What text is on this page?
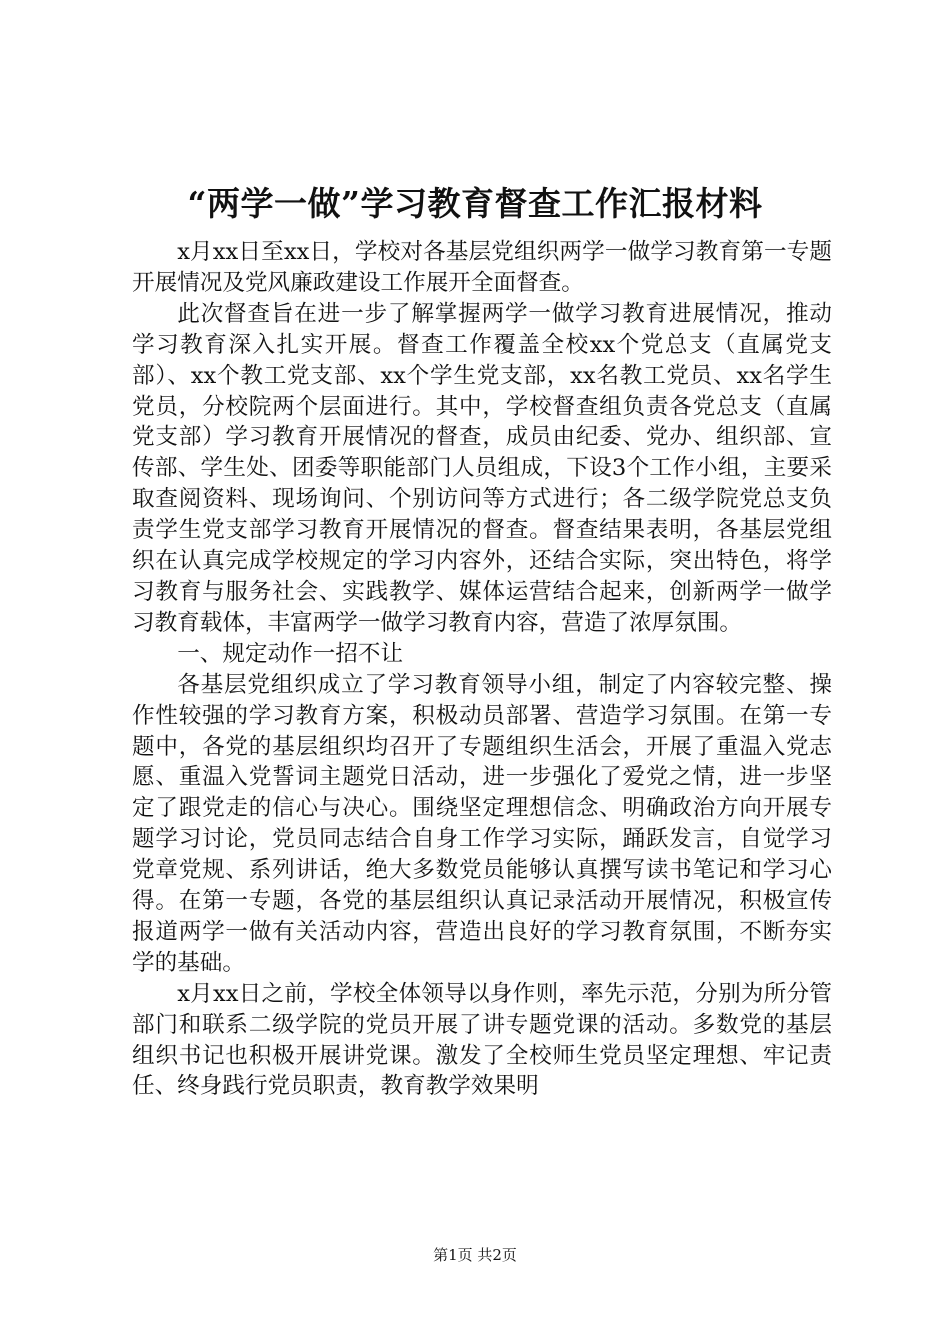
“两学一做”学习教育督查工作汇报材料

x月xx日至xx日，学校对各基层党组织两学一做学习教育第一专题开展情况及党风廉政建设工作展开全面督查。

此次督查旨在进一步了解掌握两学一做学习教育进展情况，推动学习教育深入扎实开展。督查工作覆盖全校xx个党总支（直属党支部）、xx个教工党支部、xx个学生党支部，xx名教工党员、xx名学生党员，分校院两个层面进行。其中，学校督查组负责各党总支（直属党支部）学习教育开展情况的督查，成员由纪委、党办、组织部、宣传部、学生处、团委等职能部门人员组成，下设3个工作小组，主要采取查阅资料、现场询问、个别访问等方式进行；各二级学院党总支负责学生党支部学习教育开展情况的督查。督查结果表明，各基层党组织在认真完成学校规定的学习内容外，还结合实际，突出特色，将学习教育与服务社会、实践教学、媒体运营结合起来，创新两学一做学习教育载体，丰富两学一做学习教育内容，营造了浓厚氛围。

一、规定动作一招不让

各基层党组织成立了学习教育领导小组，制定了内容较完整、操作性较强的学习教育方案，积极动员部署、营造学习氛围。在第一专题中，各党的基层组织均召开了专题组织生活会，开展了重温入党志愿、重温入党誓词主题党日活动，进一步强化了爱党之情，进一步坚定了跟党走的信心与决心。围绕坚定理想信念、明确政治方向开展专题学习讨论，党员同志结合自身工作学习实际，踊跃发言，自觉学习党章党规、系列讲话，绝大多数党员能够认真撰写读书笔记和学习心得。在第一专题，各党的基层组织认真记录活动开展情况，积极宣传报道两学一做有关活动内容，营造出良好的学习教育氛围，不断夯实学的基础。

x月xx日之前，学校全体领导以身作则，率先示范，分别为所分管部门和联系二级学院的党员开展了讲专题党课的活动。多数党的基层组织书记也积极开展讲党课。激发了全校师生党员坚定理想、牢记责任、终身践行党员职责，教育教学效果明

第1页 共2页
